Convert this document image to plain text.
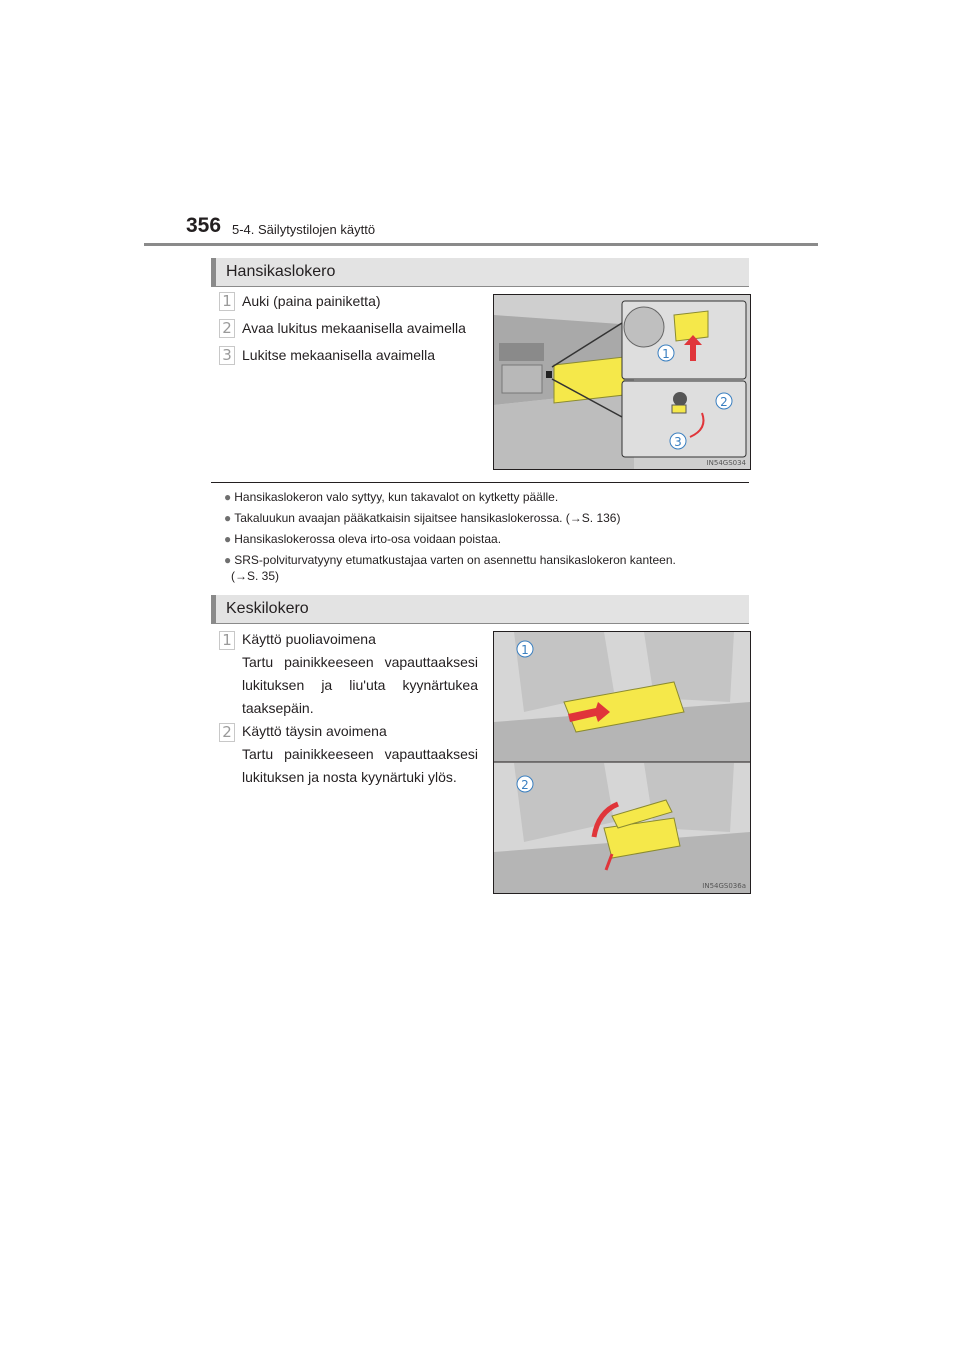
356 5-4. Säilytystilojen käyttö
Hansikaslokero
1 Auki (paina painiketta)
2 Avaa lukitus mekaanisella avaimella
3 Lukitse mekaanisella avaimella	1
2
3
IN54GS034
● Hansikaslokeron valo syttyy, kun takavalot on kytketty päälle.
● Takaluukun avaajan pääkatkaisin sijaitsee hansikaslokerossa. (→S. 136)
● Hansikaslokerossa oleva irto-osa voidaan poistaa.
● SRS-polviturvatyyny etumatkustajaa varten on asennettu hansikaslokeron kanteen.
(→S. 35)
Keskilokero
1 Käyttö puoliavoimena
Tartu painikkeeseen vapauttaaksesi lukituksen ja liu'uta kyynärtukea taaksepäin.
2 Käyttö täysin avoimena
Tartu painikkeeseen vapauttaaksesi lukituksen ja nosta kyynärtuki ylös.
1
2
IN54GS036a
